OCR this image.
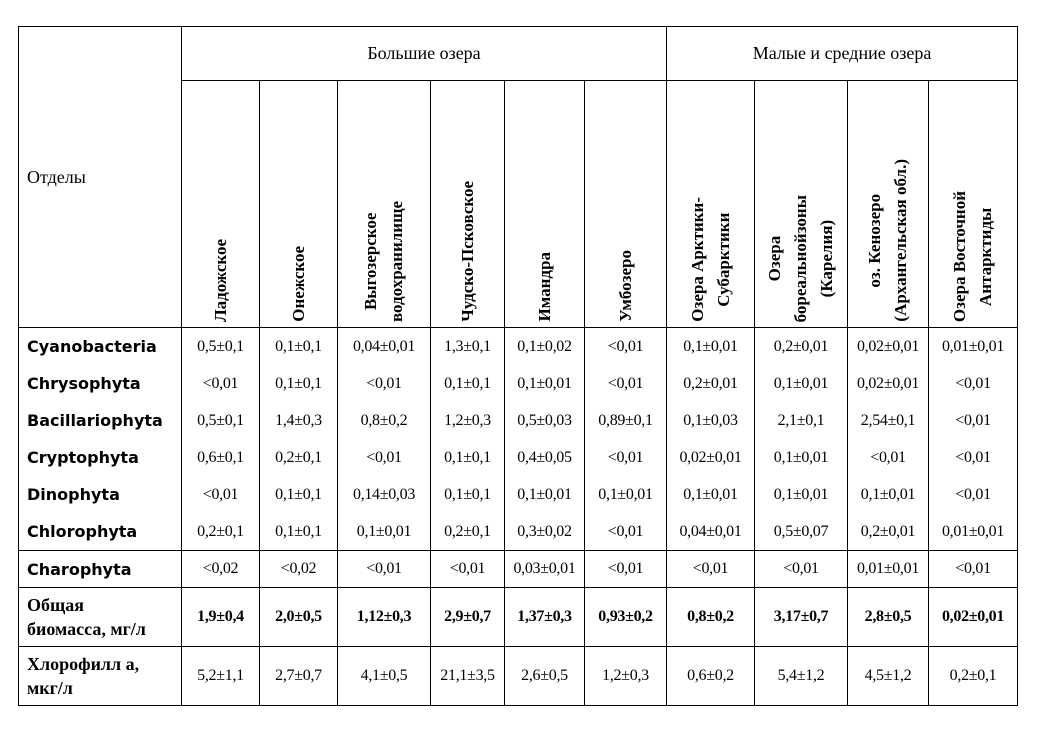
Отделы	Большие озера						Малые и средние озера			
	Ладожское	Онежское	Выгозерское водохранилище	Чудско-Псковское	Имандра	Умбозеро	Озера Арктики- Субарктики	Озера бореальнойзоны (Карелия)	оз. Кенозеро (Архангельская обл.)	Озера Восточной Антарктиды
Cyanobacteria	0,5±0,1	0,1±0,1	0,04±0,01	1,3±0,1	0,1±0,02	<0,01	0,1±0,01	0,2±0,01	0,02±0,01	0,01±0,01
Chrysophyta	<0,01	0,1±0,1	<0,01	0,1±0,1	0,1±0,01	<0,01	0,2±0,01	0,1±0,01	0,02±0,01	<0,01
Bacillariophyta	0,5±0,1	1,4±0,3	0,8±0,2	1,2±0,3	0,5±0,03	0,89±0,1	0,1±0,03	2,1±0,1	2,54±0,1	<0,01
Cryptophyta	0,6±0,1	0,2±0,1	<0,01	0,1±0,1	0,4±0,05	<0,01	0,02±0,01	0,1±0,01	<0,01	<0,01
Dinophyta	<0,01	0,1±0,1	0,14±0,03	0,1±0,1	0,1±0,01	0,1±0,01	0,1±0,01	0,1±0,01	0,1±0,01	<0,01
Chlorophyta	0,2±0,1	0,1±0,1	0,1±0,01	0,2±0,1	0,3±0,02	<0,01	0,04±0,01	0,5±0,07	0,2±0,01	0,01±0,01
Charophyta	<0,02	<0,02	<0,01	<0,01	0,03±0,01	<0,01	<0,01	<0,01	0,01±0,01	<0,01
Общая
биомасса, мг/л	1,9±0,4	2,0±0,5	1,12±0,3	2,9±0,7	1,37±0,3	0,93±0,2	0,8±0,2	3,17±0,7	2,8±0,5	0,02±0,01
Хлорофилл а,
мкг/л	5,2±1,1	2,7±0,7	4,1±0,5	21,1±3,5	2,6±0,5	1,2±0,3	0,6±0,2	5,4±1,2	4,5±1,2	0,2±0,1
